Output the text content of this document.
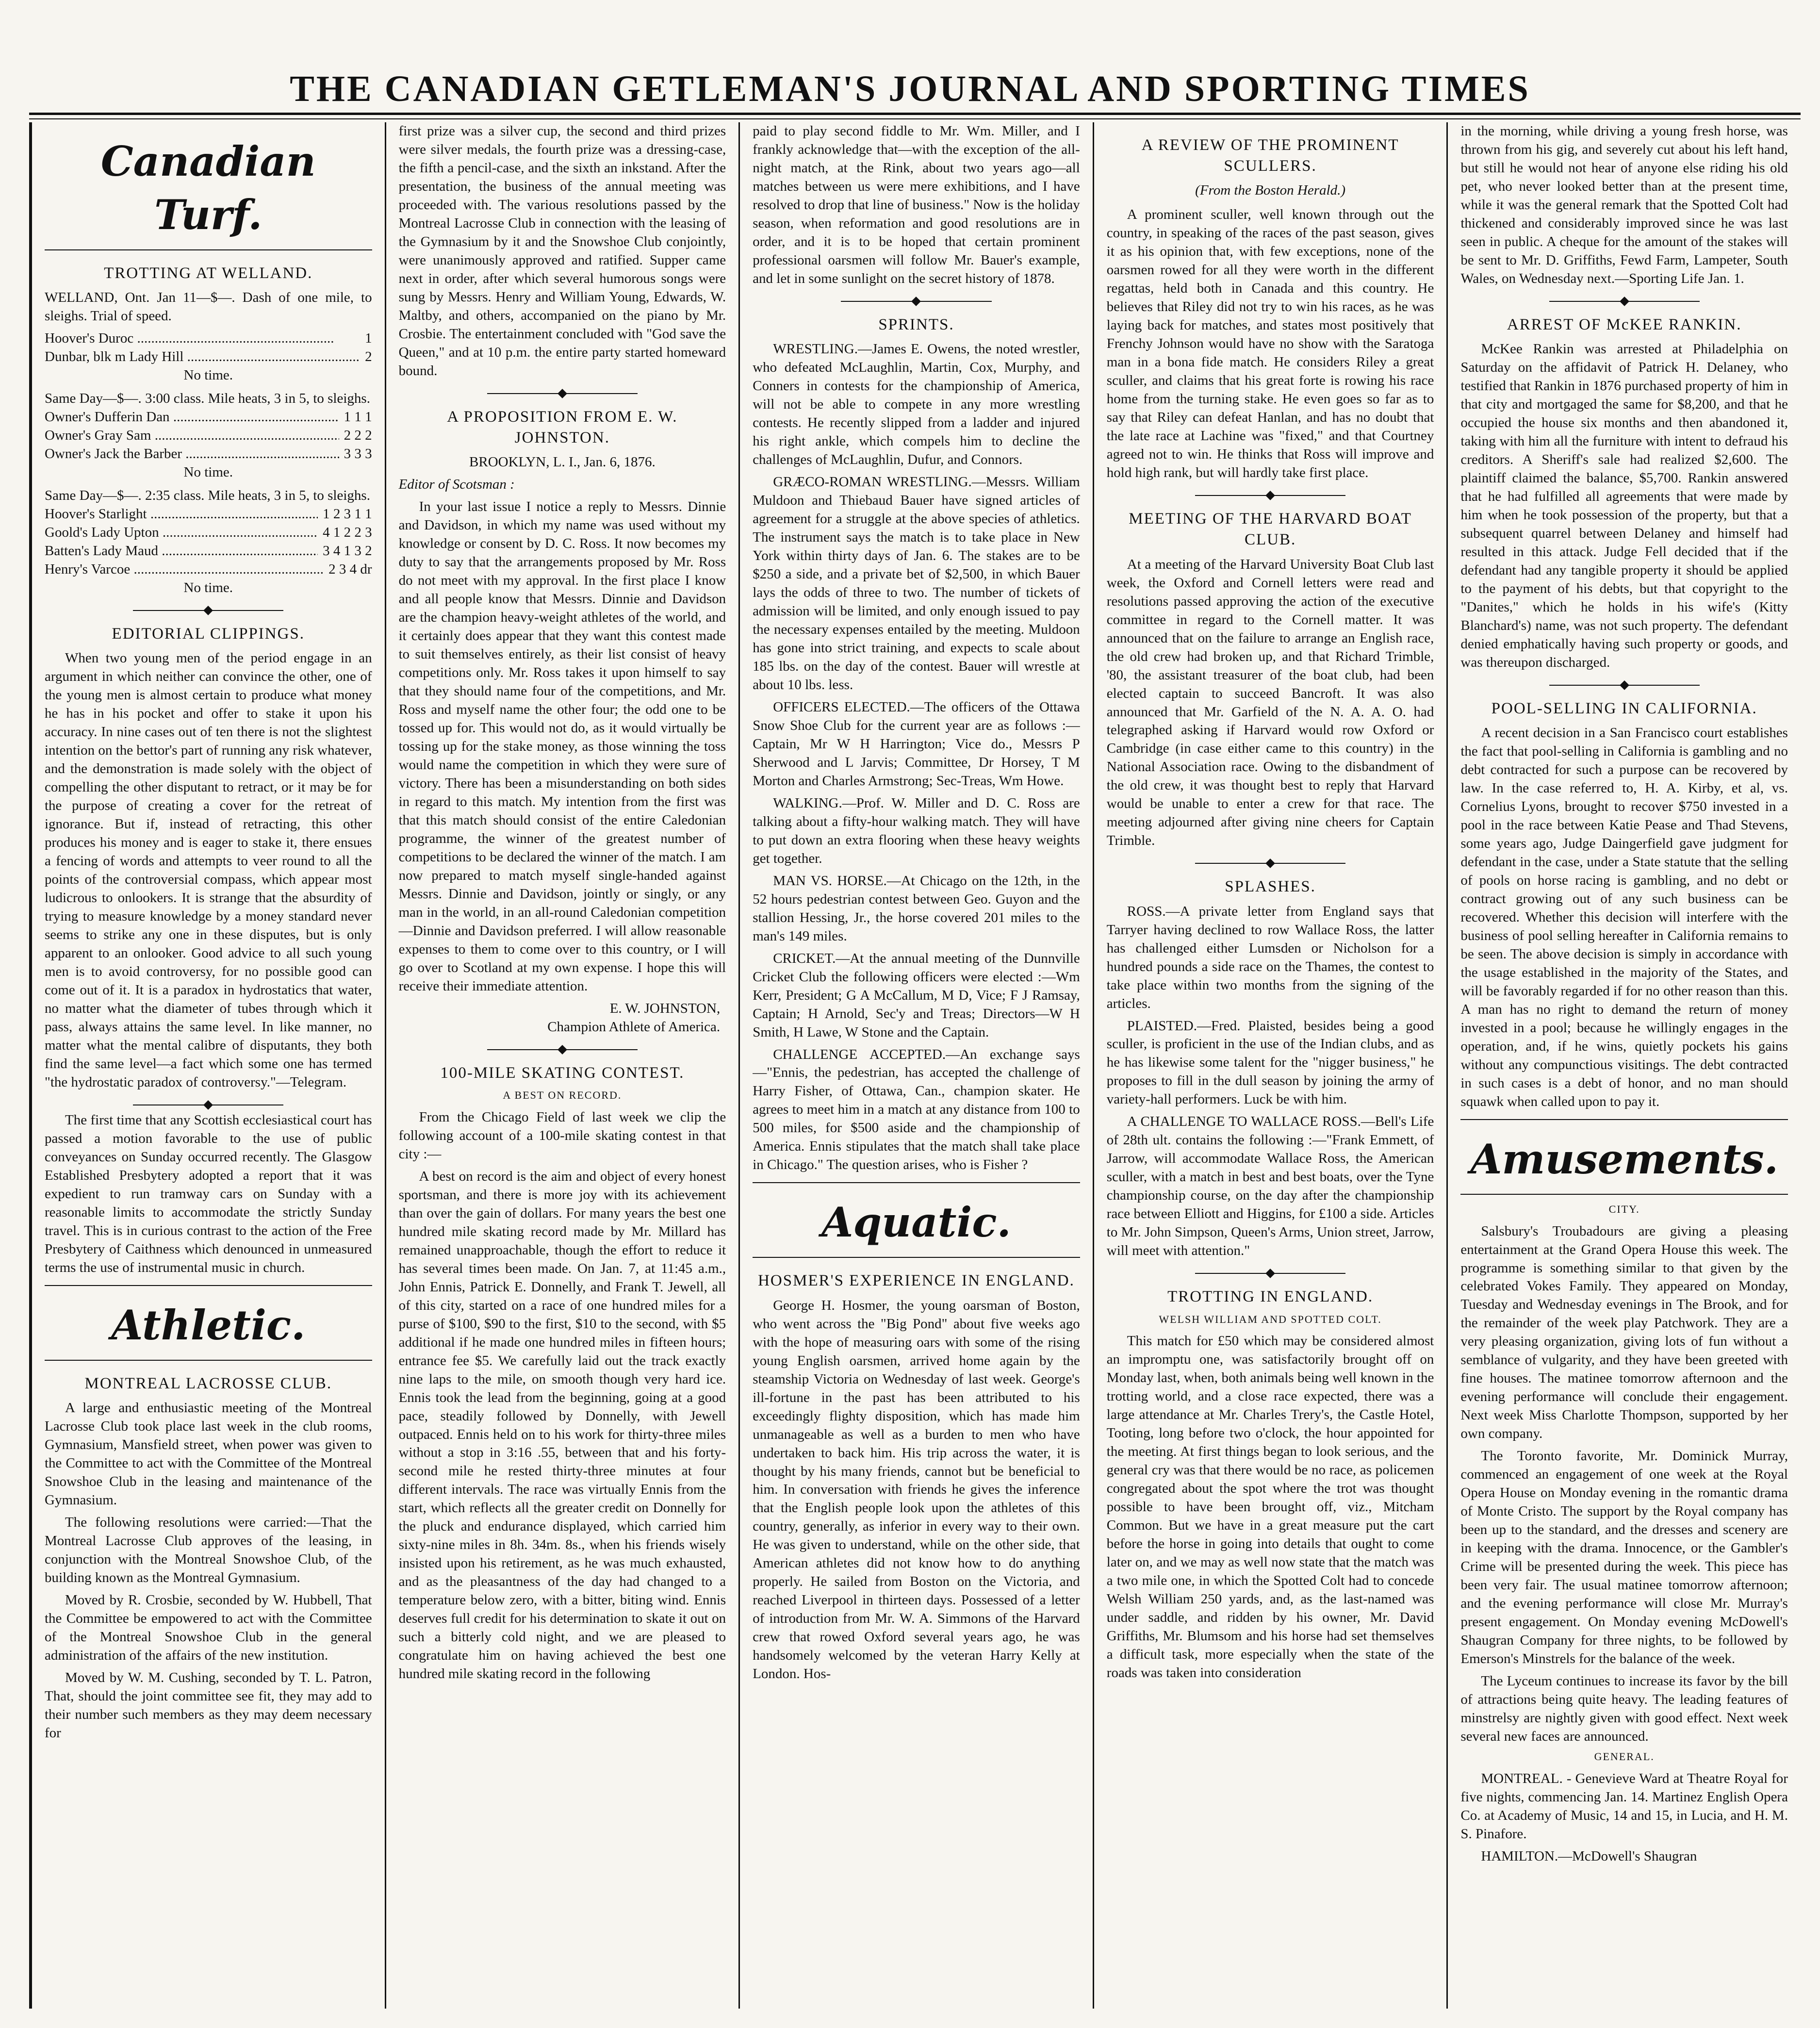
THE CANADIAN GETLEMAN'S JOURNAL AND SPORTING TIMES
Canadian Turf.
TROTTING AT WELLAND.

WELLAND, Ont. Jan 11—$—. Dash of one mile, to sleighs. Trial of speed.

Hoover's Duroc .....	1
Dunbar, blk m Lady Hill .....	2
No time.

Same Day—$—. 3:00 class. Mile heats, 3 in 5, to sleighs.

Owner's Dufferin Dan .....	1 1 1
Owner's Gray Sam .....	2 2 2
Owner's Jack the Barber .....	3 3 3
No time.

Same Day—$—. 2:35 class. Mile heats, 3 in 5, to sleighs.

Hoover's Starlight .....	1 2 3 1 1
Goold's Lady Upton .....	4 1 2 2 3
Batten's Lady Maud .....	3 4 1 3 2
Henry's Varcoe .....	2 3 4 dr
No time.
EDITORIAL CLIPPINGS.

When two young men of the period engage in an argument in which neither can convince the other, one of the young men is almost certain to produce what money he has in his pocket and offer to stake it upon his accuracy. In nine cases out of ten there is not the slightest intention on the bettor's part of running any risk whatever, and the demonstration is made solely with the object of compelling the other disputant to retract, or it may be for the purpose of creating a cover for the retreat of ignorance. But if, instead of retracting, this other produces his money and is eager to stake it, there ensues a fencing of words and attempts to veer round to all the points of the controversial compass, which appear most ludicrous to onlookers. It is strange that the absurdity of trying to measure knowledge by a money standard never seems to strike any one in these disputes, but is only apparent to an onlooker. Good advice to all such young men is to avoid controversy, for no possible good can come out of it. It is a paradox in hydrostatics that water, no matter what the diameter of tubes through which it pass, always attains the same level. In like manner, no matter what the mental calibre of disputants, they both find the same level—a fact which some one has termed "the hydrostatic paradox of controversy."—Telegram.

The first time that any Scottish ecclesiastical court has passed a motion favorable to the use of public conveyances on Sunday occurred recently. The Glasgow Established Presbytery adopted a report that it was expedient to run tramway cars on Sunday with a reasonable limits to accommodate the strictly Sunday travel. This is in curious contrast to the action of the Free Presbytery of Caithness which denounced in unmeasured terms the use of instrumental music in church.

Athletic.
MONTREAL LACROSSE CLUB.

A large and enthusiastic meeting of the Montreal Lacrosse Club took place last week in the club rooms, Gymnasium, Mansfield street, when power was given to the Committee to act with the Committee of the Montreal Snowshoe Club in the leasing and maintenance of the Gymnasium.

The following resolutions were carried:—That the Montreal Lacrosse Club approves of the leasing, in conjunction with the Montreal Snowshoe Club, of the building known as the Montreal Gymnasium.

Moved by R. Crosbie, seconded by W. Hubbell, That the Committee be empowered to act with the Committee of the Montreal Snowshoe Club in the general administration of the affairs of the new institution.

Moved by W. M. Cushing, seconded by T. L. Patron, That, should the joint committee see fit, they may add to their number such members as they may deem necessary for

first prize was a silver cup, the second and third prizes were silver medals, the fourth prize was a dressing-case, the fifth a pencil-case, and the sixth an inkstand. After the presentation, the business of the annual meeting was proceeded with. The various resolutions passed by the Montreal Lacrosse Club in connection with the leasing of the Gymnasium by it and the Snowshoe Club conjointly, were unanimously approved and ratified. Supper came next in order, after which several humorous songs were sung by Messrs. Henry and William Young, Edwards, W. Maltby, and others, accompanied on the piano by Mr. Crosbie. The entertainment concluded with "God save the Queen," and at 10 p.m. the entire party started homeward bound.

A PROPOSITION FROM E. W. JOHNSTON.
BROOKLYN, L. I., Jan. 6, 1876.

Editor of Scotsman :

In your last issue I notice a reply to Messrs. Dinnie and Davidson, in which my name was used without my knowledge or consent by D. C. Ross. It now becomes my duty to say that the arrangements proposed by Mr. Ross do not meet with my approval. In the first place I know and all people know that Messrs. Dinnie and Davidson are the champion heavy-weight athletes of the world, and it certainly does appear that they want this contest made to suit themselves entirely, as their list consist of heavy competitions only. Mr. Ross takes it upon himself to say that they should name four of the competitions, and Mr. Ross and myself name the other four; the odd one to be tossed up for. This would not do, as it would virtually be tossing up for the stake money, as those winning the toss would name the competition in which they were sure of victory. There has been a misunderstanding on both sides in regard to this match. My intention from the first was that this match should consist of the entire Caledonian programme, the winner of the greatest number of competitions to be declared the winner of the match. I am now prepared to match myself single-handed against Messrs. Dinnie and Davidson, jointly or singly, or any man in the world, in an all-round Caledonian competition—Dinnie and Davidson preferred. I will allow reasonable expenses to them to come over to this country, or I will go over to Scotland at my own expense. I hope this will receive their immediate attention.

E. W. JOHNSTON,

Champion Athlete of America.

100-MILE SKATING CONTEST.
A BEST ON RECORD.

From the Chicago Field of last week we clip the following account of a 100-mile skating contest in that city :—

A best on record is the aim and object of every honest sportsman, and there is more joy with its achievement than over the gain of dollars. For many years the best one hundred mile skating record made by Mr. Millard has remained unapproachable, though the effort to reduce it has several times been made. On Jan. 7, at 11:45 a.m., John Ennis, Patrick E. Donnelly, and Frank T. Jewell, all of this city, started on a race of one hundred miles for a purse of $100, $90 to the first, $10 to the second, with $5 additional if he made one hundred miles in fifteen hours; entrance fee $5. We carefully laid out the track exactly nine laps to the mile, on smooth though very hard ice. Ennis took the lead from the beginning, going at a good pace, steadily followed by Donnelly, with Jewell outpaced. Ennis held on to his work for thirty-three miles without a stop in 3:16 .55, between that and his forty-second mile he rested thirty-three minutes at four different intervals. The race was virtually Ennis from the start, which reflects all the greater credit on Donnelly for the pluck and endurance displayed, which carried him sixty-nine miles in 8h. 34m. 8s., when his friends wisely insisted upon his retirement, as he was much exhausted, and as the pleasantness of the day had changed to a temperature below zero, with a bitter, biting wind. Ennis deserves full credit for his determination to skate it out on such a bitterly cold night, and we are pleased to congratulate him on having achieved the best one hundred mile skating record in the following

paid to play second fiddle to Mr. Wm. Miller, and I frankly acknowledge that—with the exception of the all-night match, at the Rink, about two years ago—all matches between us were mere exhibitions, and I have resolved to drop that line of business." Now is the holiday season, when reformation and good resolutions are in order, and it is to be hoped that certain prominent professional oarsmen will follow Mr. Bauer's example, and let in some sunlight on the secret history of 1878.

SPRINTS.

WRESTLING.—James E. Owens, the noted wrestler, who defeated McLaughlin, Martin, Cox, Murphy, and Conners in contests for the championship of America, will not be able to compete in any more wrestling contests. He recently slipped from a ladder and injured his right ankle, which compels him to decline the challenges of McLaughlin, Dufur, and Connors.

GRÆCO-ROMAN WRESTLING.—Messrs. William Muldoon and Thiebaud Bauer have signed articles of agreement for a struggle at the above species of athletics. The instrument says the match is to take place in New York within thirty days of Jan. 6. The stakes are to be $250 a side, and a private bet of $2,500, in which Bauer lays the odds of three to two. The number of tickets of admission will be limited, and only enough issued to pay the necessary expenses entailed by the meeting. Muldoon has gone into strict training, and expects to scale about 185 lbs. on the day of the contest. Bauer will wrestle at about 10 lbs. less.

OFFICERS ELECTED.—The officers of the Ottawa Snow Shoe Club for the current year are as follows :—Captain, Mr W H Harrington; Vice do., Messrs P Sherwood and L Jarvis; Committee, Dr Horsey, T M Morton and Charles Armstrong; Sec-Treas, Wm Howe.

WALKING.—Prof. W. Miller and D. C. Ross are talking about a fifty-hour walking match. They will have to put down an extra flooring when these heavy weights get together.

MAN VS. HORSE.—At Chicago on the 12th, in the 52 hours pedestrian contest between Geo. Guyon and the stallion Hessing, Jr., the horse covered 201 miles to the man's 149 miles.

CRICKET.—At the annual meeting of the Dunnville Cricket Club the following officers were elected :—Wm Kerr, President; G A McCallum, M D, Vice; F J Ramsay, Captain; H Arnold, Sec'y and Treas; Directors—W H Smith, H Lawe, W Stone and the Captain.

CHALLENGE ACCEPTED.—An exchange says —"Ennis, the pedestrian, has accepted the challenge of Harry Fisher, of Ottawa, Can., champion skater. He agrees to meet him in a match at any distance from 100 to 500 miles, for $500 aside and the championship of America. Ennis stipulates that the match shall take place in Chicago." The question arises, who is Fisher ?

Aquatic.
HOSMER'S EXPERIENCE IN ENGLAND.

George H. Hosmer, the young oarsman of Boston, who went across the "Big Pond" about five weeks ago with the hope of measuring oars with some of the rising young English oarsmen, arrived home again by the steamship Victoria on Wednesday of last week. George's ill-fortune in the past has been attributed to his exceedingly flighty disposition, which has made him unmanageable as well as a burden to men who have undertaken to back him. His trip across the water, it is thought by his many friends, cannot but be beneficial to him. In conversation with friends he gives the inference that the English people look upon the athletes of this country, generally, as inferior in every way to their own. He was given to understand, while on the other side, that American athletes did not know how to do anything properly. He sailed from Boston on the Victoria, and reached Liverpool in thirteen days. Possessed of a letter of introduction from Mr. W. A. Simmons of the Harvard crew that rowed Oxford several years ago, he was handsomely welcomed by the veteran Harry Kelly at London. Hos-

A REVIEW OF THE PROMINENT SCULLERS.
(From the Boston Herald.)

A prominent sculler, well known through out the country, in speaking of the races of the past season, gives it as his opinion that, with few exceptions, none of the oarsmen rowed for all they were worth in the different regattas, held both in Canada and this country. He believes that Riley did not try to win his races, as he was laying back for matches, and states most positively that Frenchy Johnson would have no show with the Saratoga man in a bona fide match. He considers Riley a great sculler, and claims that his great forte is rowing his race home from the turning stake. He even goes so far as to say that Riley can defeat Hanlan, and has no doubt that the late race at Lachine was "fixed," and that Courtney agreed not to win. He thinks that Ross will improve and hold high rank, but will hardly take first place.

MEETING OF THE HARVARD BOAT CLUB.

At a meeting of the Harvard University Boat Club last week, the Oxford and Cornell letters were read and resolutions passed approving the action of the executive committee in regard to the Cornell matter. It was announced that on the failure to arrange an English race, the old crew had broken up, and that Richard Trimble, '80, the assistant treasurer of the boat club, had been elected captain to succeed Bancroft. It was also announced that Mr. Garfield of the N. A. A. O. had telegraphed asking if Harvard would row Oxford or Cambridge (in case either came to this country) in the National Association race. Owing to the disbandment of the old crew, it was thought best to reply that Harvard would be unable to enter a crew for that race. The meeting adjourned after giving nine cheers for Captain Trimble.

SPLASHES.

ROSS.—A private letter from England says that Tarryer having declined to row Wallace Ross, the latter has challenged either Lumsden or Nicholson for a hundred pounds a side race on the Thames, the contest to take place within two months from the signing of the articles.

PLAISTED.—Fred. Plaisted, besides being a good sculler, is proficient in the use of the Indian clubs, and as he has likewise some talent for the "nigger business," he proposes to fill in the dull season by joining the army of variety-hall performers. Luck be with him.

A CHALLENGE TO WALLACE ROSS.—Bell's Life of 28th ult. contains the following :—"Frank Emmett, of Jarrow, will accommodate Wallace Ross, the American sculler, with a match in best and best boats, over the Tyne championship course, on the day after the championship race between Elliott and Higgins, for £100 a side. Articles to Mr. John Simpson, Queen's Arms, Union street, Jarrow, will meet with attention."

TROTTING IN ENGLAND.
WELSH WILLIAM AND SPOTTED COLT.

This match for £50 which may be considered almost an impromptu one, was satisfactorily brought off on Monday last, when, both animals being well known in the trotting world, and a close race expected, there was a large attendance at Mr. Charles Trery's, the Castle Hotel, Tooting, long before two o'clock, the hour appointed for the meeting. At first things began to look serious, and the general cry was that there would be no race, as policemen congregated about the spot where the trot was thought possible to have been brought off, viz., Mitcham Common. But we have in a great measure put the cart before the horse in going into details that ought to come later on, and we may as well now state that the match was a two mile one, in which the Spotted Colt had to concede Welsh William 250 yards, and, as the last-named was under saddle, and ridden by his owner, Mr. David Griffiths, Mr. Blumsom and his horse had set themselves a difficult task, more especially when the state of the roads was taken into consideration

in the morning, while driving a young fresh horse, was thrown from his gig, and severely cut about his left hand, but still he would not hear of anyone else riding his old pet, who never looked better than at the present time, while it was the general remark that the Spotted Colt had thickened and considerably improved since he was last seen in public. A cheque for the amount of the stakes will be sent to Mr. D. Griffiths, Fewd Farm, Lampeter, South Wales, on Wednesday next.—Sporting Life Jan. 1.

ARREST OF McKEE RANKIN.

McKee Rankin was arrested at Philadelphia on Saturday on the affidavit of Patrick H. Delaney, who testified that Rankin in 1876 purchased property of him in that city and mortgaged the same for $8,200, and that he occupied the house six months and then abandoned it, taking with him all the furniture with intent to defraud his creditors. A Sheriff's sale had realized $2,600. The plaintiff claimed the balance, $5,700. Rankin answered that he had fulfilled all agreements that were made by him when he took possession of the property, but that a subsequent quarrel between Delaney and himself had resulted in this attack. Judge Fell decided that if the defendant had any tangible property it should be applied to the payment of his debts, but that copyright to the "Danites," which he holds in his wife's (Kitty Blanchard's) name, was not such property. The defendant denied emphatically having such property or goods, and was thereupon discharged.

POOL-SELLING IN CALIFORNIA.

A recent decision in a San Francisco court establishes the fact that pool-selling in California is gambling and no debt contracted for such a purpose can be recovered by law. In the case referred to, H. A. Kirby, et al, vs. Cornelius Lyons, brought to recover $750 invested in a pool in the race between Katie Pease and Thad Stevens, some years ago, Judge Daingerfield gave judgment for defendant in the case, under a State statute that the selling of pools on horse racing is gambling, and no debt or contract growing out of any such business can be recovered. Whether this decision will interfere with the business of pool selling hereafter in California remains to be seen. The above decision is simply in accordance with the usage established in the majority of the States, and will be favorably regarded if for no other reason than this. A man has no right to demand the return of money invested in a pool; because he willingly engages in the operation, and, if he wins, quietly pockets his gains without any compunctious visitings. The debt contracted in such cases is a debt of honor, and no man should squawk when called upon to pay it.

Amusements.
CITY.

Salsbury's Troubadours are giving a pleasing entertainment at the Grand Opera House this week. The programme is something similar to that given by the celebrated Vokes Family. They appeared on Monday, Tuesday and Wednesday evenings in The Brook, and for the remainder of the week play Patchwork. They are a very pleasing organization, giving lots of fun without a semblance of vulgarity, and they have been greeted with fine houses. The matinee tomorrow afternoon and the evening performance will conclude their engagement. Next week Miss Charlotte Thompson, supported by her own company.

The Toronto favorite, Mr. Dominick Murray, commenced an engagement of one week at the Royal Opera House on Monday evening in the romantic drama of Monte Cristo. The support by the Royal company has been up to the standard, and the dresses and scenery are in keeping with the drama. Innocence, or the Gambler's Crime will be presented during the week. This piece has been very fair. The usual matinee tomorrow afternoon; and the evening performance will close Mr. Murray's present engagement. On Monday evening McDowell's Shaugran Company for three nights, to be followed by Emerson's Minstrels for the balance of the week.

The Lyceum continues to increase its favor by the bill of attractions being quite heavy. The leading features of minstrelsy are nightly given with good effect. Next week several new faces are announced.

GENERAL.

MONTREAL. - Genevieve Ward at Theatre Royal for five nights, commencing Jan. 14. Martinez English Opera Co. at Academy of Music, 14 and 15, in Lucia, and H. M. S. Pinafore.

HAMILTON.—McDowell's Shaugran
